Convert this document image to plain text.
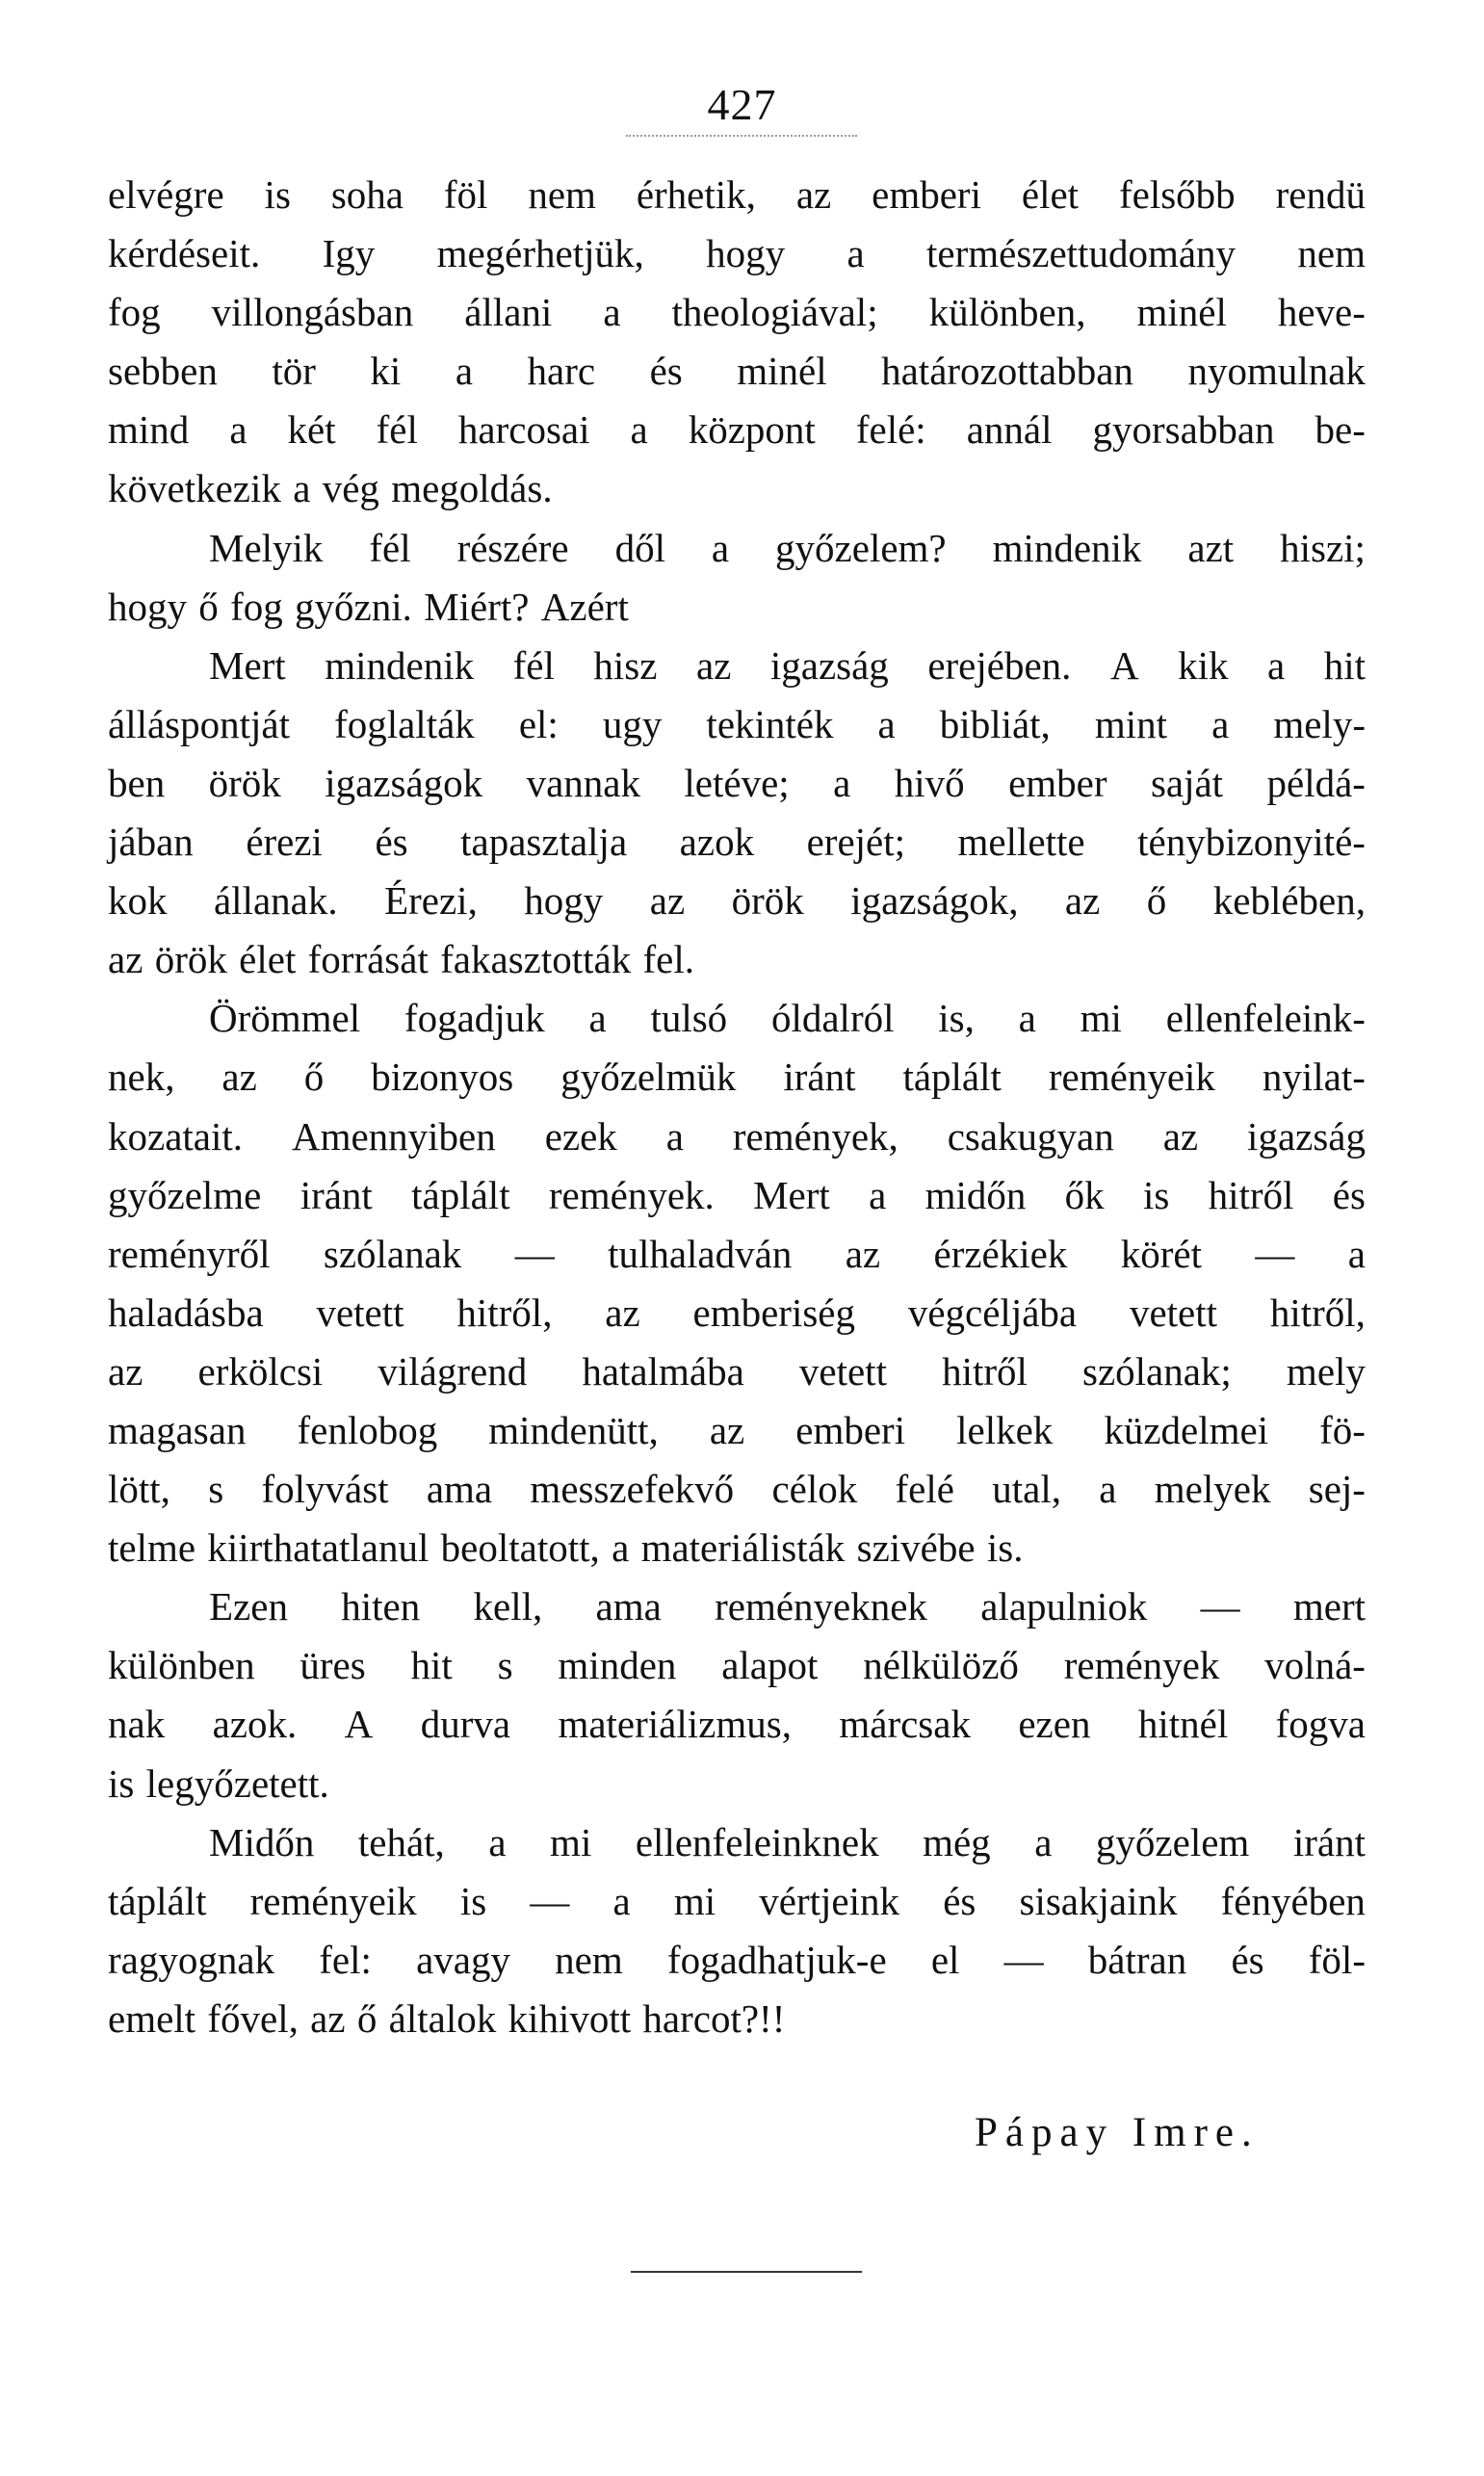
427
elvégre is soha föl nem érhetik, az emberi élet felsőbb rendü
kérdéseit. Igy megérhetjük, hogy a természettudomány nem
fog villongásban állani a theologiával; különben, minél heve-
sebben tör ki a harc és minél határozottabban nyomulnak
mind a két fél harcosai a központ felé: annál gyorsabban be-
következik a vég megoldás.
Melyik fél részére dől a győzelem? mindenik azt hiszi;
hogy ő fog győzni. Miért? Azért
Mert mindenik fél hisz az igazság erejében. A kik a hit
álláspontját foglalták el: ugy tekinték a bibliát, mint a mely-
ben örök igazságok vannak letéve; a hivő ember saját példá-
jában érezi és tapasztalja azok erejét; mellette ténybizonyité-
kok állanak. Érezi, hogy az örök igazságok, az ő keblében,
az örök élet forrását fakasztották fel.
Örömmel fogadjuk a tulsó óldalról is, a mi ellenfeleink-
nek, az ő bizonyos győzelmük iránt táplált reményeik nyilat-
kozatait. Amennyiben ezek a remények, csakugyan az igazság
győzelme iránt táplált remények. Mert a midőn ők is hitről és
reményről szólanak — tulhaladván az érzékiek körét — a
haladásba vetett hitről, az emberiség végcéljába vetett hitről,
az erkölcsi világrend hatalmába vetett hitről szólanak; mely
magasan fenlobog mindenütt, az emberi lelkek küzdelmei fö-
lött, s folyvást ama messzefekvő célok felé utal, a melyek sej-
telme kiirthatatlanul beoltatott, a materiálisták szivébe is.
Ezen hiten kell, ama reményeknek alapulniok — mert
különben üres hit s minden alapot nélkülöző remények volná-
nak azok. A durva materiálizmus, márcsak ezen hitnél fogva
is legyőzetett.
Midőn tehát, a mi ellenfeleinknek még a győzelem iránt
táplált reményeik is — a mi vértjeink és sisakjaink fényében
ragyognak fel: avagy nem fogadhatjuk-e el — bátran és föl-
emelt fővel, az ő általok kihivott harcot?!!
Pápay Imre.
